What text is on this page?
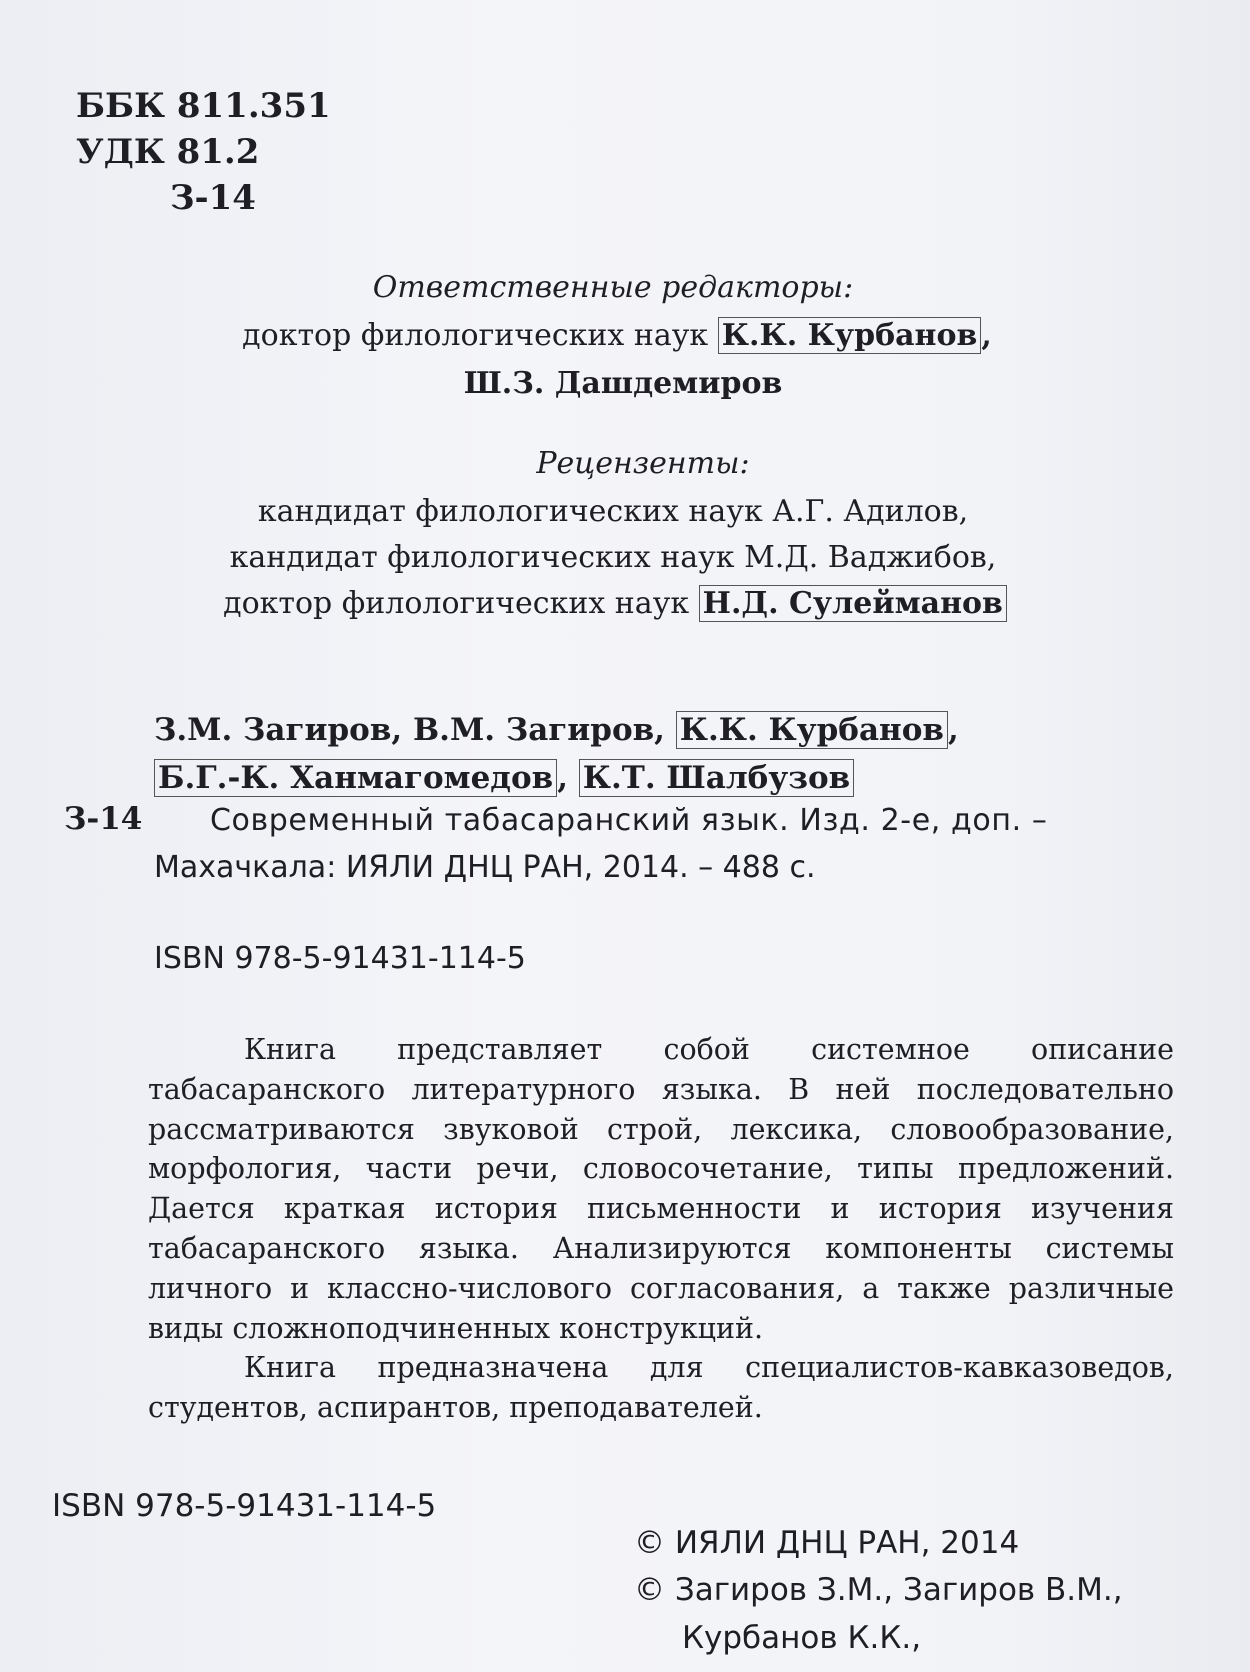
ББК 811.351
УДК 81.2
З-14
Ответственные редакторы:
доктор филологических наук К.К. Курбанов ,
Ш.З. Дашдемиров
Рецензенты:
кандидат филологических наук А.Г. Адилов,
кандидат филологических наук М.Д. Ваджибов,
доктор филологических наук Н.Д. Сулейманов
З.М. Загиров, В.М. Загиров, К.К. Курбанов ,
Б.Г.-К. Ханмагомедов , К.Т. Шалбузов
З-14 Современный табасаранский язык. Изд. 2-е, доп. –
Махачкала: ИЯЛИ ДНЦ РАН, 2014. – 488 с.
ISBN 978-5-91431-114-5

Книга представляет собой системное описание табасаранского литературного языка. В ней последовательно рассматриваются звуковой строй, лексика, словообразование, морфология, части речи, словосочетание, типы предложений. Дается краткая история письменности и история изучения табасаранского языка. Анализируются компоненты системы личного и классно-числового согласования, а также различные виды сложноподчиненных конструкций.

Книга предназначена для специалистов-кавказоведов, студентов, аспирантов, преподавателей.

ISBN 978-5-91431-114-5
© ИЯЛИ ДНЦ РАН, 2014
© Загиров З.М., Загиров В.М.,
Курбанов К.К.,
